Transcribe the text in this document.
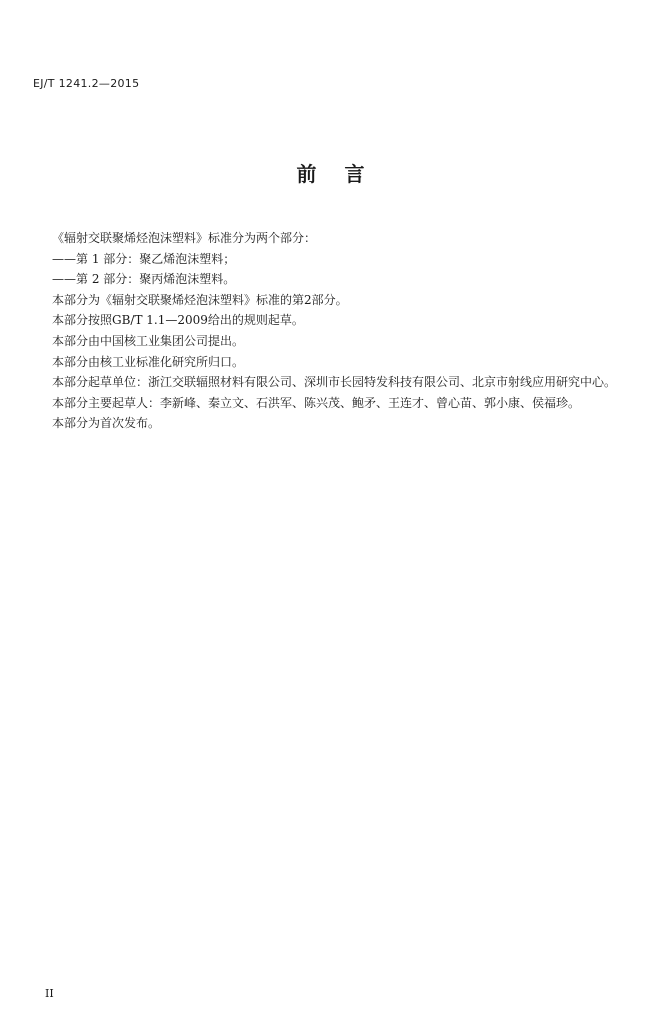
EJ/T 1241.2—2015
前言

《辐射交联聚烯烃泡沫塑料》标准分为两个部分：

——第 1 部分：聚乙烯泡沫塑料；

——第 2 部分：聚丙烯泡沫塑料。

本部分为《辐射交联聚烯烃泡沫塑料》标准的第2部分。

本部分按照GB/T 1.1—2009给出的规则起草。

本部分由中国核工业集团公司提出。

本部分由核工业标准化研究所归口。

本部分起草单位：浙江交联辐照材料有限公司、深圳市长园特发科技有限公司、北京市射线应用研究中心。

本部分主要起草人：李新峰、秦立文、石洪军、陈兴茂、鲍矛、王连才、曾心苗、郭小康、侯福珍。

本部分为首次发布。

II
